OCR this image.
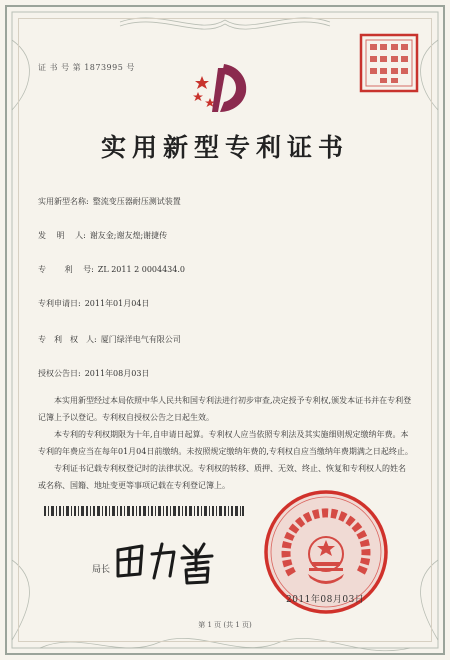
证 书 号 第 1873995 号
实用新型专利证书
实用新型名称: 整流变压器耐压测试装置
发　 明　 人: 谢友金;谢友煌;谢捷传
专　　 利　 号: ZL 2011 2 0004434.0
专利申请日: 2011年01月04日
专　利　权　人: 厦门绿洋电气有限公司
授权公告日: 2011年08月03日

本实用新型经过本局依照中华人民共和国专利法进行初步审查,决定授予专利权,颁发本证书并在专利登记簿上予以登记。专利权自授权公告之日起生效。

本专利的专利权期限为十年,自申请日起算。专利权人应当依照专利法及其实施细则规定缴纳年费。本专利的年费应当在每年01月04日前缴纳。未按照规定缴纳年费的,专利权自应当缴纳年费期满之日起终止。

专利证书记载专利权登记时的法律状况。专利权的转移、质押、无效、终止、恢复和专利权人的姓名或名称、国籍、地址变更等事项记载在专利登记簿上。

局长
2011年08月03日
第 1 页 (共 1 页)
